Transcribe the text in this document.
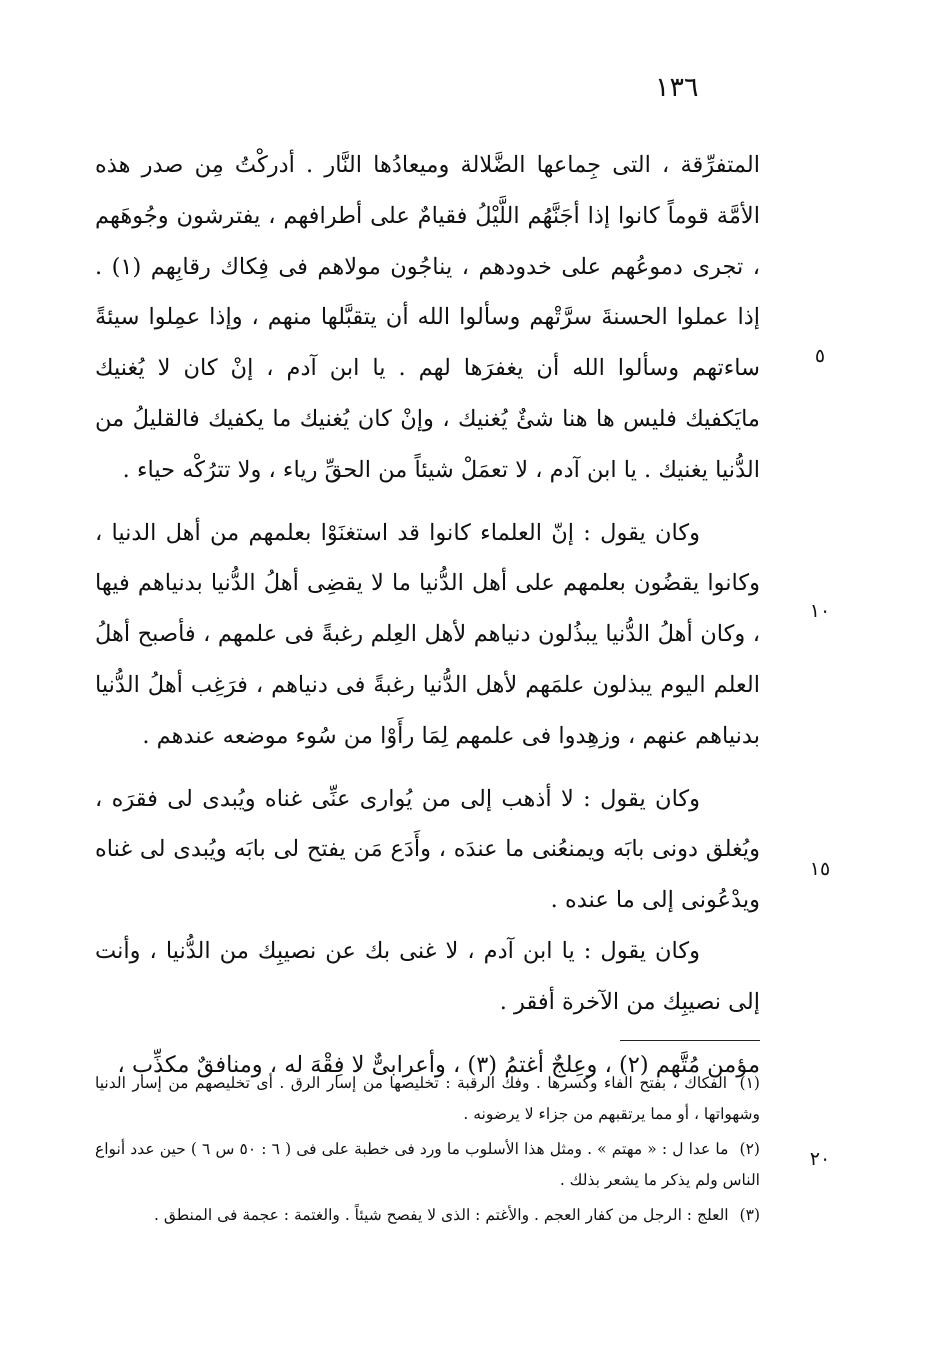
١٣٦
٥
١٠
١٥
٢٠

المتفرِّقة ، التى جِماعها الضَّلالة وميعادُها النَّار . أدركْتُ مِن صدر هذه الأمَّة قوماً كانوا إذا أجَنَّهُم اللَّيْلُ فقيامٌ على أطرافهم ، يفترشون وجُوهَهم ، تجرى دموعُهم على خدودهم ، يناجُون مولاهم فى فِكاك رقابِهم (١) . إذا عملوا الحسنةَ سرَّتْهم وسألوا الله أن يتقبَّلها منهم ، وإذا عمِلوا سيئةً ساءتهم وسألوا الله أن يغفرَها لهم . يا ابن آدم ، إنْ كان لا يُغنيك مايَكفيك فليس ها هنا شئٌ يُغنيك ، وإنْ كان يُغنيك ما يكفيك فالقليلُ من الدُّنيا يغنيك . يا ابن آدم ، لا تعمَلْ شيئاً من الحقِّ رياء ، ولا تترُكْه حياء .

وكان يقول : إنّ العلماء كانوا قد استغنَوْا بعلمهم من أهل الدنيا ، وكانوا يقضُون بعلمهم على أهل الدُّنيا ما لا يقضِى أهلُ الدُّنيا بدنياهم فيها ، وكان أهلُ الدُّنيا يبذُلون دنياهم لأهل العِلم رغبةً فى علمهم ، فأصبح أهلُ العلم اليوم يبذلون علمَهم لأهل الدُّنيا رغبةً فى دنياهم ، فرَغِب أهلُ الدُّنيا بدنياهم عنهم ، وزهِدوا فى علمهم لِمَا رأَوْا من سُوء موضعه عندهم .

وكان يقول : لا أذهب إلى من يُوارى عنِّى غناه ويُبدى لى فقرَه ، ويُغلق دونى بابَه ويمنعُنى ما عندَه ، وأَدَع مَن يفتح لى بابَه ويُبدى لى غناه ويدْعُونى إلى ما عنده .

وكان يقول : يا ابن آدم ، لا غنى بك عن نصيبِك من الدُّنيا ، وأنت إلى نصيبِك من الآخرة أفقر .

مؤمن مُتَّهم (٢) ، وعِلجٌ أغتمُ (٣) ، وأعرابىٌّ لا فِقْهَ له ، ومنافقٌ مكذِّب ،

(١) الفكاك ، بفتح الفاء وكسرها . وفك الرقبة : تخليصها من إسار الرق . أى تخليصهم من إسار الدنيا وشهواتها ، أو مما يرتقبهم من جزاء لا يرضونه .

(٢) ما عدا ل : « مهتم » . ومثل هذا الأسلوب ما ورد فى خطبة على فى ( ٦ : ٥٠ س ٦ ) حين عدد أنواع الناس ولم يذكر ما يشعر بذلك .

(٣) العلج : الرجل من كفار العجم . والأغتم : الذى لا يفصح شيئاً . والغتمة : عجمة فى المنطق .
